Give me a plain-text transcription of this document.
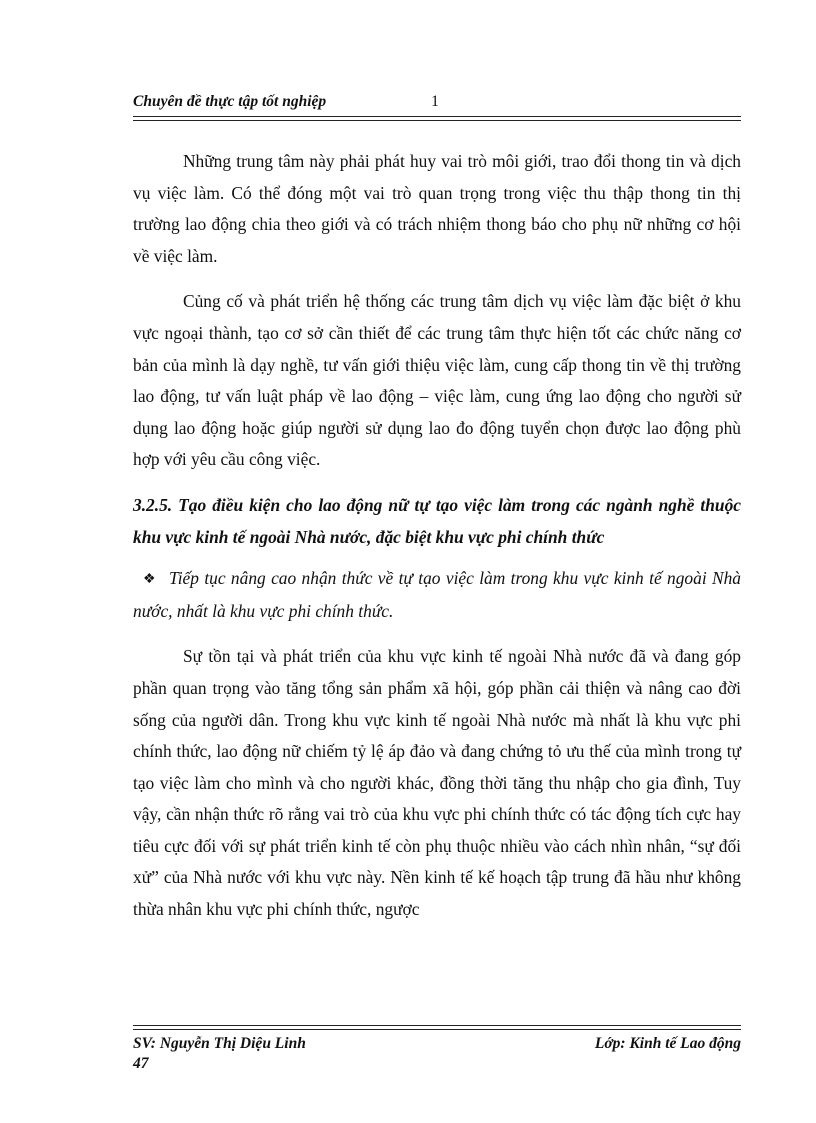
Chuyên đề thực tập tốt nghiệp	1

Những trung tâm này phải phát huy vai trò môi giới, trao đổi thong tin và dịch vụ việc làm. Có thể đóng một vai trò quan trọng trong việc thu thập thong tin thị trường lao động chia theo giới và có trách nhiệm thong báo cho phụ nữ những cơ hội về việc làm.

Củng cố và phát triển hệ thống các trung tâm dịch vụ việc làm đặc biệt ở khu vực ngoại thành, tạo cơ sở cần thiết để các trung tâm thực hiện tốt các chức năng cơ bản của mình là dạy nghề, tư vấn giới thiệu việc làm, cung cấp thong tin về thị trường lao động, tư vấn luật pháp về lao động – việc làm, cung ứng lao động cho người sử dụng lao động hoặc giúp người sử dụng lao đo động tuyển chọn được lao động phù hợp với yêu cầu công việc.

3.2.5. Tạo điều kiện cho lao động nữ tự tạo việc làm trong các ngành nghề thuộc khu vực kinh tế ngoài Nhà nước, đặc biệt khu vực phi chính thức
❖ Tiếp tục nâng cao nhận thức về tự tạo việc làm trong khu vực kinh tế ngoài Nhà nước, nhất là khu vực phi chính thức.

Sự tồn tại và phát triển của khu vực kinh tế ngoài Nhà nước đã và đang góp phần quan trọng vào tăng tổng sản phẩm xã hội, góp phần cải thiện và nâng cao đời sống của người dân. Trong khu vực kinh tế ngoài Nhà nước mà nhất là khu vực phi chính thức, lao động nữ chiếm tỷ lệ áp đảo và đang chứng tỏ ưu thế của mình trong tự tạo việc làm cho mình và cho người khác, đồng thời tăng thu nhập cho gia đình, Tuy vậy, cần nhận thức rõ rằng vai trò của khu vực phi chính thức có tác động tích cực hay tiêu cực đối với sự phát triển kinh tế còn phụ thuộc nhiều vào cách nhìn nhân, “sự đối xử” của Nhà nước với khu vực này. Nền kinh tế kế hoạch tập trung đã hầu như không thừa nhân khu vực phi chính thức, ngược

SV: Nguyễn Thị Diệu Linh	Lớp: Kinh tế Lao động
47
